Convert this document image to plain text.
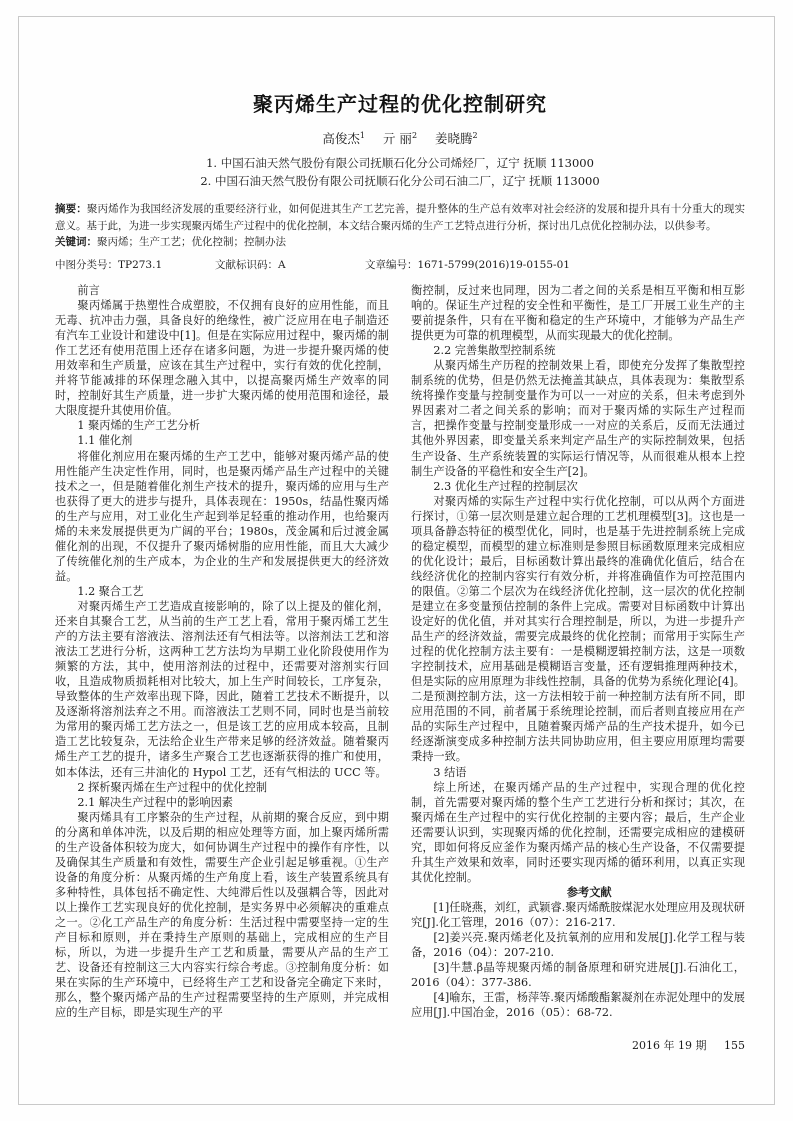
聚丙烯生产过程的优化控制研究
高俊杰$^1$ 亓 丽$^2$ 姜晓腾$^2$
1. 中国石油天然气股份有限公司抚顺石化分公司烯烃厂，辽宁 抚顺 113000
2. 中国石油天然气股份有限公司抚顺石化分公司石油二厂，辽宁 抚顺 113000

摘要：聚丙烯作为我国经济发展的重要经济行业，如何促进其生产工艺完善，提升整体的生产总有效率对社会经济的发展和提升具有十分重大的现实意义。基于此，为进一步实现聚丙烯生产过程中的优化控制，本文结合聚丙烯的生产工艺特点进行分析，探讨出几点优化控制办法，以供参考。

关键词：聚丙烯；生产工艺；优化控制；控制办法

中图分类号：TP273.1	文献标识码：A	文章编号：1671-5799(2016)19-0155-01

前言

聚丙烯属于热塑性合成塑胶，不仅拥有良好的应用性能，而且无毒、抗冲击力强，具备良好的绝缘性，被广泛应用在电子制造还有汽车工业设计和建设中[1]。但是在实际应用过程中，聚丙烯的制作工艺还有使用范围上还存在诸多问题，为进一步提升聚丙烯的使用效率和生产质量，应该在其生产过程中，实行有效的优化控制，并将节能减排的环保理念融入其中，以提高聚丙烯生产效率的同时，控制好其生产质量，进一步扩大聚丙烯的使用范围和途径，最大限度提升其使用价值。

1 聚丙烯的生产工艺分析

1.1 催化剂

将催化剂应用在聚丙烯的生产工艺中，能够对聚丙烯产品的使用性能产生决定性作用，同时，也是聚丙烯产品生产过程中的关键技术之一，但是随着催化剂生产技术的提升，聚丙烯的应用与生产也获得了更大的进步与提升，具体表现在：1950s，结晶性聚丙烯的生产与应用，对工业化生产起到举足轻重的推动作用，也给聚丙烯的未来发展提供更为广阔的平台；1980s，茂金属和后过渡金属催化剂的出现，不仅提升了聚丙烯树脂的应用性能，而且大大减少了传统催化剂的生产成本，为企业的生产和发展提供更大的经济效益。

1.2 聚合工艺

对聚丙烯生产工艺造成直接影响的，除了以上提及的催化剂，还来自其聚合工艺，从当前的生产工艺上看，常用于聚丙烯工艺生产的方法主要有溶液法、溶剂法还有气相法等。以溶剂法工艺和溶液法工艺进行分析，这两种工艺方法均为早期工业化阶段使用作为频繁的方法，其中，使用溶剂法的过程中，还需要对溶剂实行回收，且造成物质损耗相对比较大，加上生产时间较长，工序复杂，导致整体的生产效率出现下降，因此，随着工艺技术不断提升，以及逐渐将溶剂法弃之不用。而溶液法工艺则不同，同时也是当前较为常用的聚丙烯工艺方法之一，但是该工艺的应用成本较高，且制造工艺比较复杂，无法给企业生产带来足够的经济效益。随着聚丙烯生产工艺的提升，诸多生产聚合工艺也逐渐获得的推广和使用，如本体法，还有三井油化的 Hypol 工艺，还有气相法的 UCC 等。

2 探析聚丙烯在生产过程中的优化控制

2.1 解决生产过程中的影响因素

聚丙烯具有工序繁杂的生产过程，从前期的聚合反应，到中期的分离和单体冲洗，以及后期的相应处理等方面，加上聚丙烯所需的生产设备体积较为庞大，如何协调生产过程中的操作有序性，以及确保其生产质量和有效性，需要生产企业引起足够重视。①生产设备的角度分析：从聚丙烯的生产角度上看，该生产装置系统具有多种特性，具体包括不确定性、大纯滞后性以及强耦合等，因此对以上操作工艺实现良好的优化控制，是实务界中必须解决的重难点之一。②化工产品生产的角度分析：生活过程中需要坚持一定的生产目标和原则，并在秉持生产原则的基础上，完成相应的生产目标，所以，为进一步提升生产工艺和质量，需要从产品的生产工艺、设备还有控制这三大内容实行综合考虑。③控制角度分析：如果在实际的生产环境中，已经将生产工艺和设备完全确定下来时，那么，整个聚丙烯产品的生产过程需要坚持的生产原则，并完成相应的生产目标，即是实现生产的平

衡控制，反过来也同理，因为二者之间的关系是相互平衡和相互影响的。保证生产过程的安全性和平衡性，是工厂开展工业生产的主要前提条件，只有在平衡和稳定的生产环境中，才能够为产品生产提供更为可靠的机理模型，从而实现最大的优化控制。

2.2 完善集散型控制系统

从聚丙烯生产历程的控制效果上看，即使充分发挥了集散型控制系统的优势，但是仍然无法掩盖其缺点，具体表现为：集散型系统将操作变量与控制变量作为可以一一对应的关系，但未考虑到外界因素对二者之间关系的影响；而对于聚丙烯的实际生产过程而言，把操作变量与控制变量形成一一对应的关系后，反而无法通过其他外界因素，即变量关系来判定产品生产的实际控制效果，包括生产设备、生产系统装置的实际运行情况等，从而很难从根本上控制生产设备的平稳性和安全生产[2]。

2.3 优化生产过程的控制层次

对聚丙烯的实际生产过程中实行优化控制，可以从两个方面进行探讨，①第一层次则是建立起合理的工艺机理模型[3]。这也是一项具备静态特征的模型优化，同时，也是基于先进控制系统上完成的稳定模型，而模型的建立标准则是参照目标函数原理来完成相应的优化设计；最后，目标函数计算出最终的准确优化值后，结合在线经济优化的控制内容实行有效分析，并将准确值作为可控范围内的限值。②第二个层次为在线经济优化控制，这一层次的优化控制是建立在多变量预估控制的条件上完成。需要对目标函数中计算出设定好的优化值，并对其实行合理控制是，所以，为进一步提升产品生产的经济效益，需要完成最终的优化控制；而常用于实际生产过程的优化控制方法主要有：一是模糊逻辑控制方法，这是一项数字控制技术，应用基础是模糊语言变量，还有逻辑推理两种技术，但是实际的应用原理为非线性控制，具备的优势为系统化理论[4]。二是预测控制方法，这一方法相较于前一种控制方法有所不同，即应用范围的不同，前者属于系统理论控制，而后者则直接应用在产品的实际生产过程中，且随着聚丙烯产品的生产技术提升，如今已经逐渐演变成多种控制方法共同协助应用，但主要应用原理均需要秉持一致。

3 结语

综上所述，在聚丙烯产品的生产过程中，实现合理的优化控制，首先需要对聚丙烯的整个生产工艺进行分析和探讨；其次，在聚丙烯在生产过程中的实行优化控制的主要内容；最后，生产企业还需要认识到，实现聚丙烯的优化控制，还需要完成相应的建模研究，即如何将反应釜作为聚丙烯产品的核心生产设备，不仅需要提升其生产效果和效率，同时还要实现丙烯的循环利用，以真正实现其优化控制。

参考文献

[1]任晓燕，刘红，武颖睿.聚丙烯酰胺煤泥水处理应用及现状研究[J].化工管理，2016（07）：216-217.

[2]姜兴亮.聚丙烯老化及抗氧剂的应用和发展[J].化学工程与装备，2016（04）：207-210.

[3]牛慧.β晶等规聚丙烯的制备原理和研究进展[J].石油化工，2016（04）：377-386.

[4]喻东，王雷，杨萍等.聚丙烯酸酯絮凝剂在赤泥处理中的发展应用[J].中国冶金，2016（05）：68-72.

2016 年 19 期 155
